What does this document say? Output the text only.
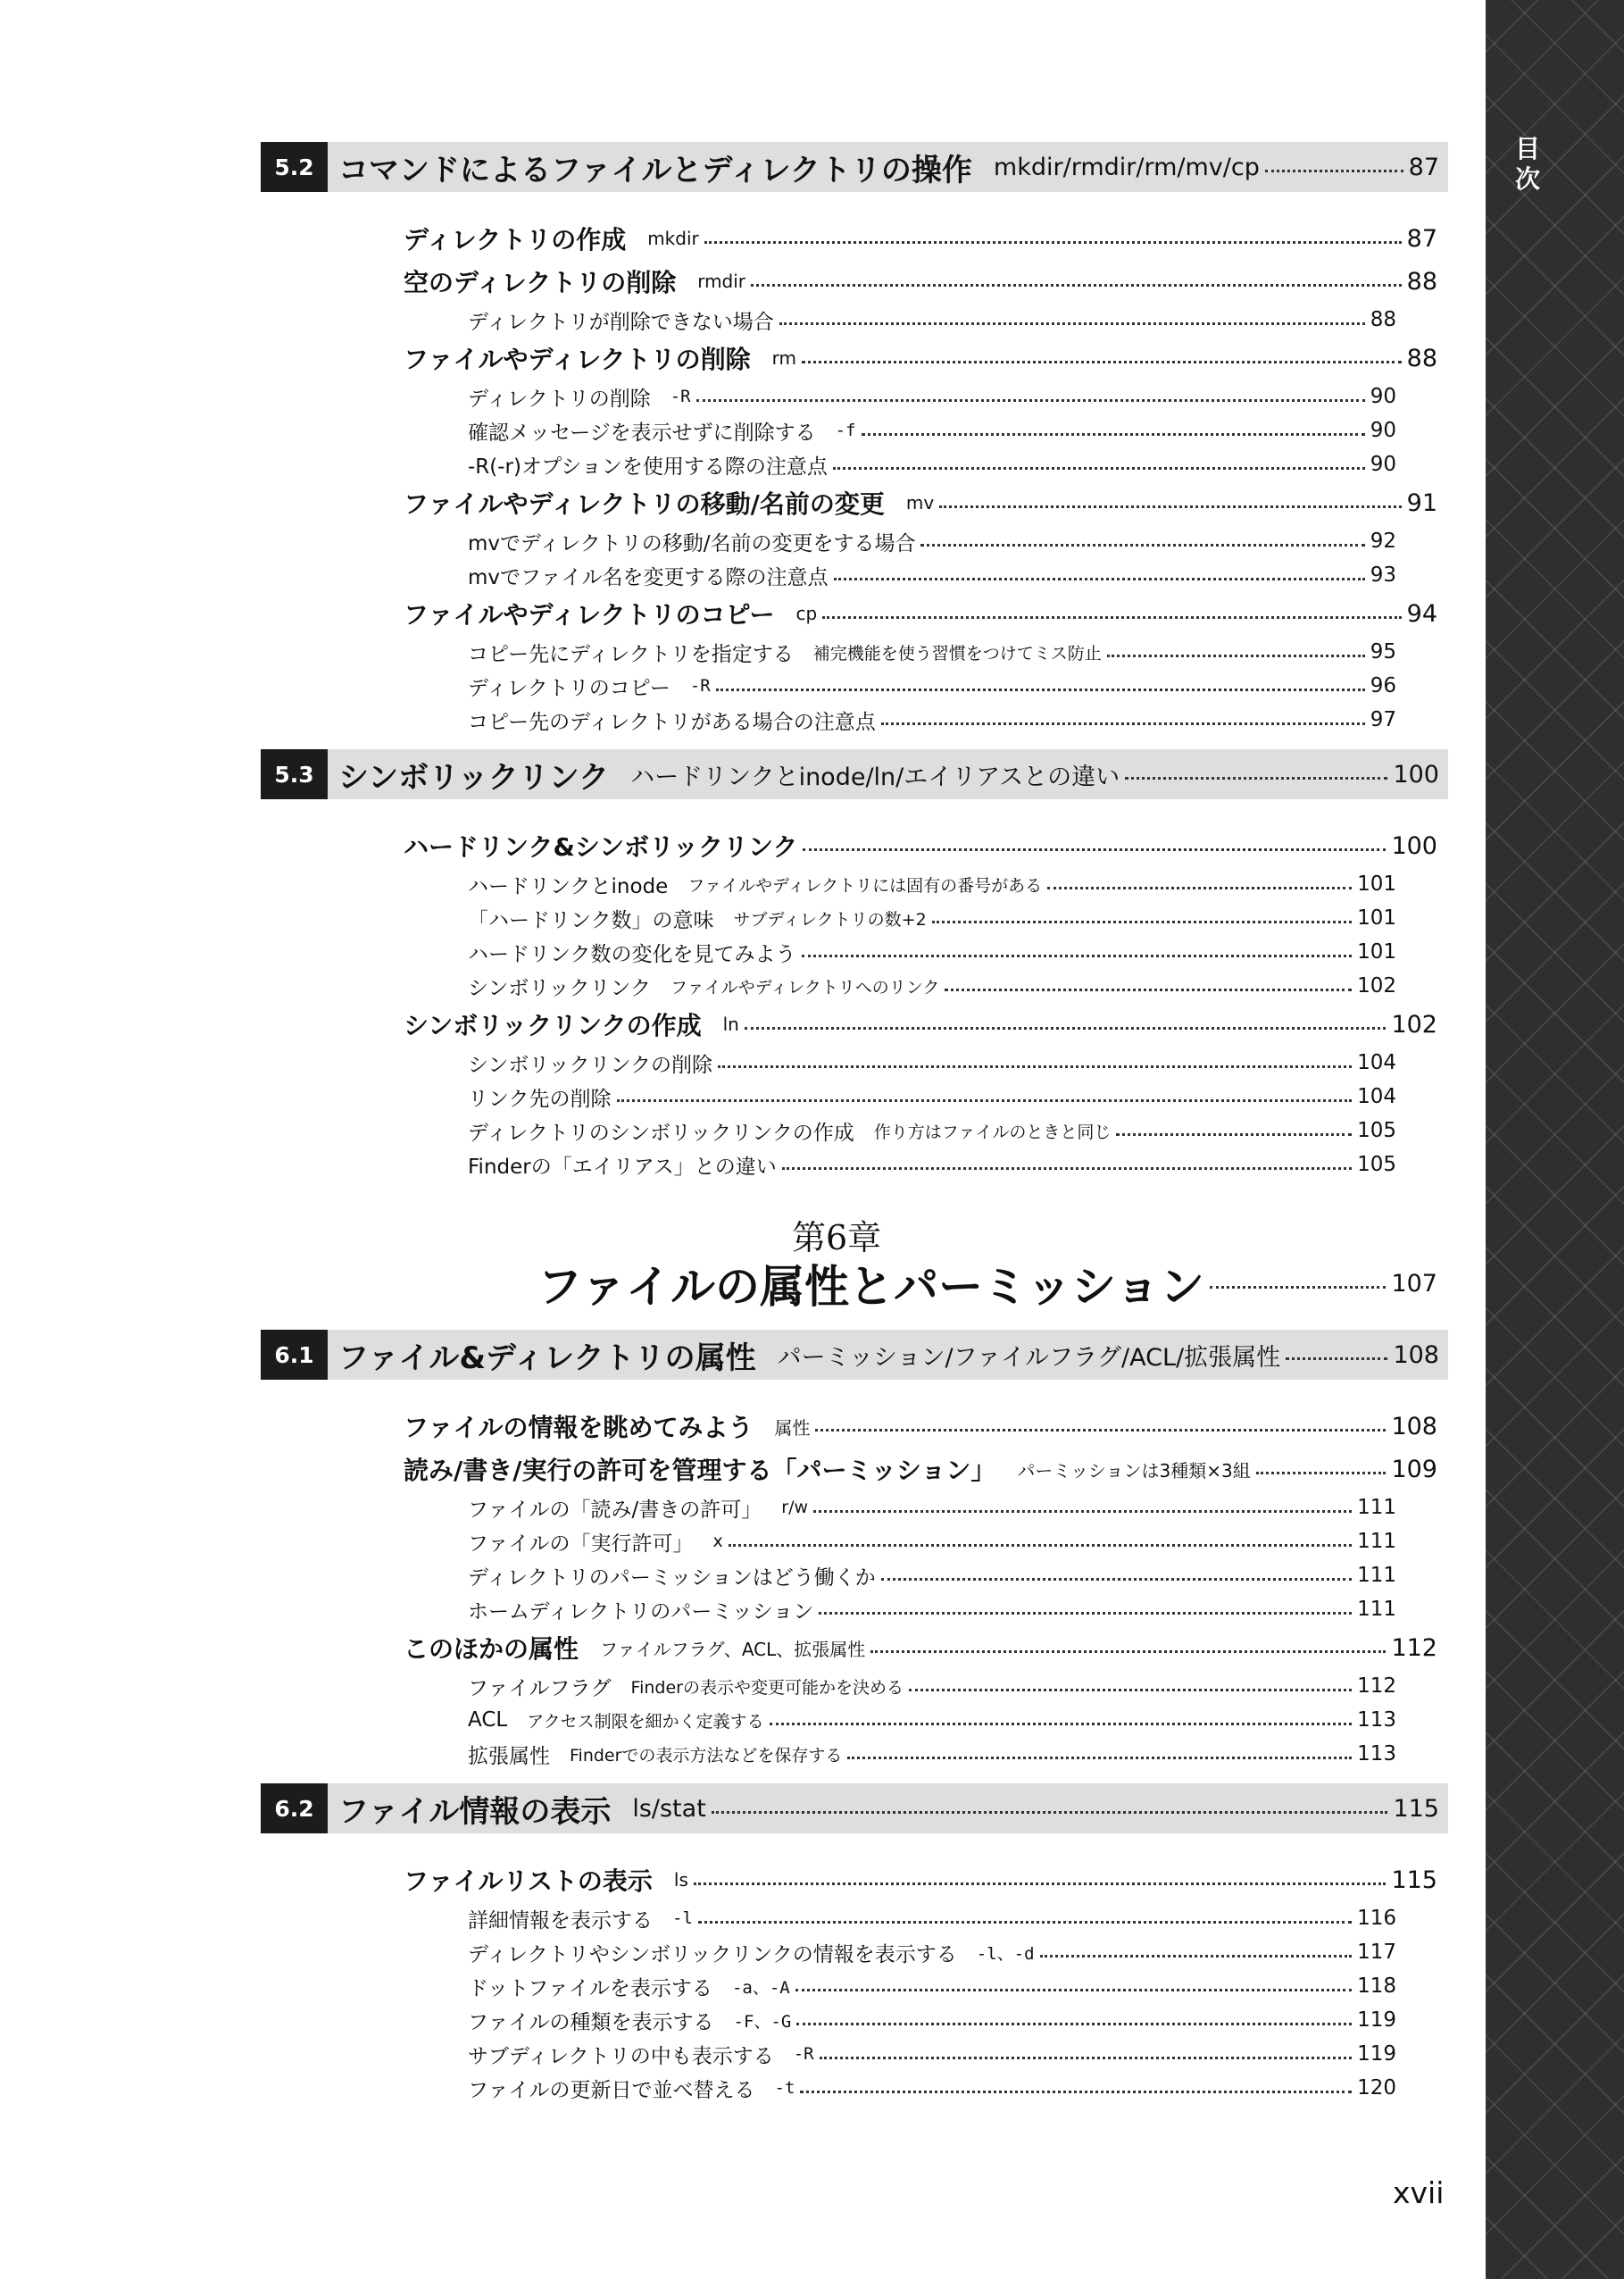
目次
5.2 コマンドによるファイルとディレクトリの操作 mkdir/rmdir/rm/mv/cp	87
ディレクトリの作成 mkdir	87
空のディレクトリの削除 rmdir	88
ディレクトリが削除できない場合	88
ファイルやディレクトリの削除 rm	88
ディレクトリの削除 -R	90
確認メッセージを表示せずに削除する -f	90
-R(-r)オプションを使用する際の注意点	90
ファイルやディレクトリの移動/名前の変更 mv	91
mvでディレクトリの移動/名前の変更をする場合	92
mvでファイル名を変更する際の注意点	93
ファイルやディレクトリのコピー cp	94
コピー先にディレクトリを指定する 補完機能を使う習慣をつけてミス防止	95
ディレクトリのコピー -R	96
コピー先のディレクトリがある場合の注意点	97
5.3 シンボリックリンク ハードリンクとinode/ln/エイリアスとの違い	100
ハードリンク&シンボリックリンク	100
ハードリンクとinode ファイルやディレクトリには固有の番号がある	101
「ハードリンク数」の意味 サブディレクトリの数+2	101
ハードリンク数の変化を見てみよう	101
シンボリックリンク ファイルやディレクトリへのリンク	102
シンボリックリンクの作成 ln	102
シンボリックリンクの削除	104
リンク先の削除	104
ディレクトリのシンボリックリンクの作成 作り方はファイルのときと同じ	105
Finderの「エイリアス」との違い	105
第6章
ファイルの属性とパーミッション	107
6.1 ファイル&ディレクトリの属性 パーミッション/ファイルフラグ/ACL/拡張属性	108
ファイルの情報を眺めてみよう 属性	108
読み/書き/実行の許可を管理する「パーミッション」 パーミッションは3種類×3組	109
ファイルの「読み/書きの許可」 r/w	111
ファイルの「実行許可」 x	111
ディレクトリのパーミッションはどう働くか	111
ホームディレクトリのパーミッション	111
このほかの属性 ファイルフラグ、ACL、拡張属性	112
ファイルフラグ Finderの表示や変更可能かを決める	112
ACL アクセス制限を細かく定義する	113
拡張属性 Finderでの表示方法などを保存する	113
6.2 ファイル情報の表示 ls/stat	115
ファイルリストの表示 ls	115
詳細情報を表示する -l	116
ディレクトリやシンボリックリンクの情報を表示する -l、-d	117
ドットファイルを表示する -a、-A	118
ファイルの種類を表示する -F、-G	119
サブディレクトリの中も表示する -R	119
ファイルの更新日で並べ替える -t	120
xvii
